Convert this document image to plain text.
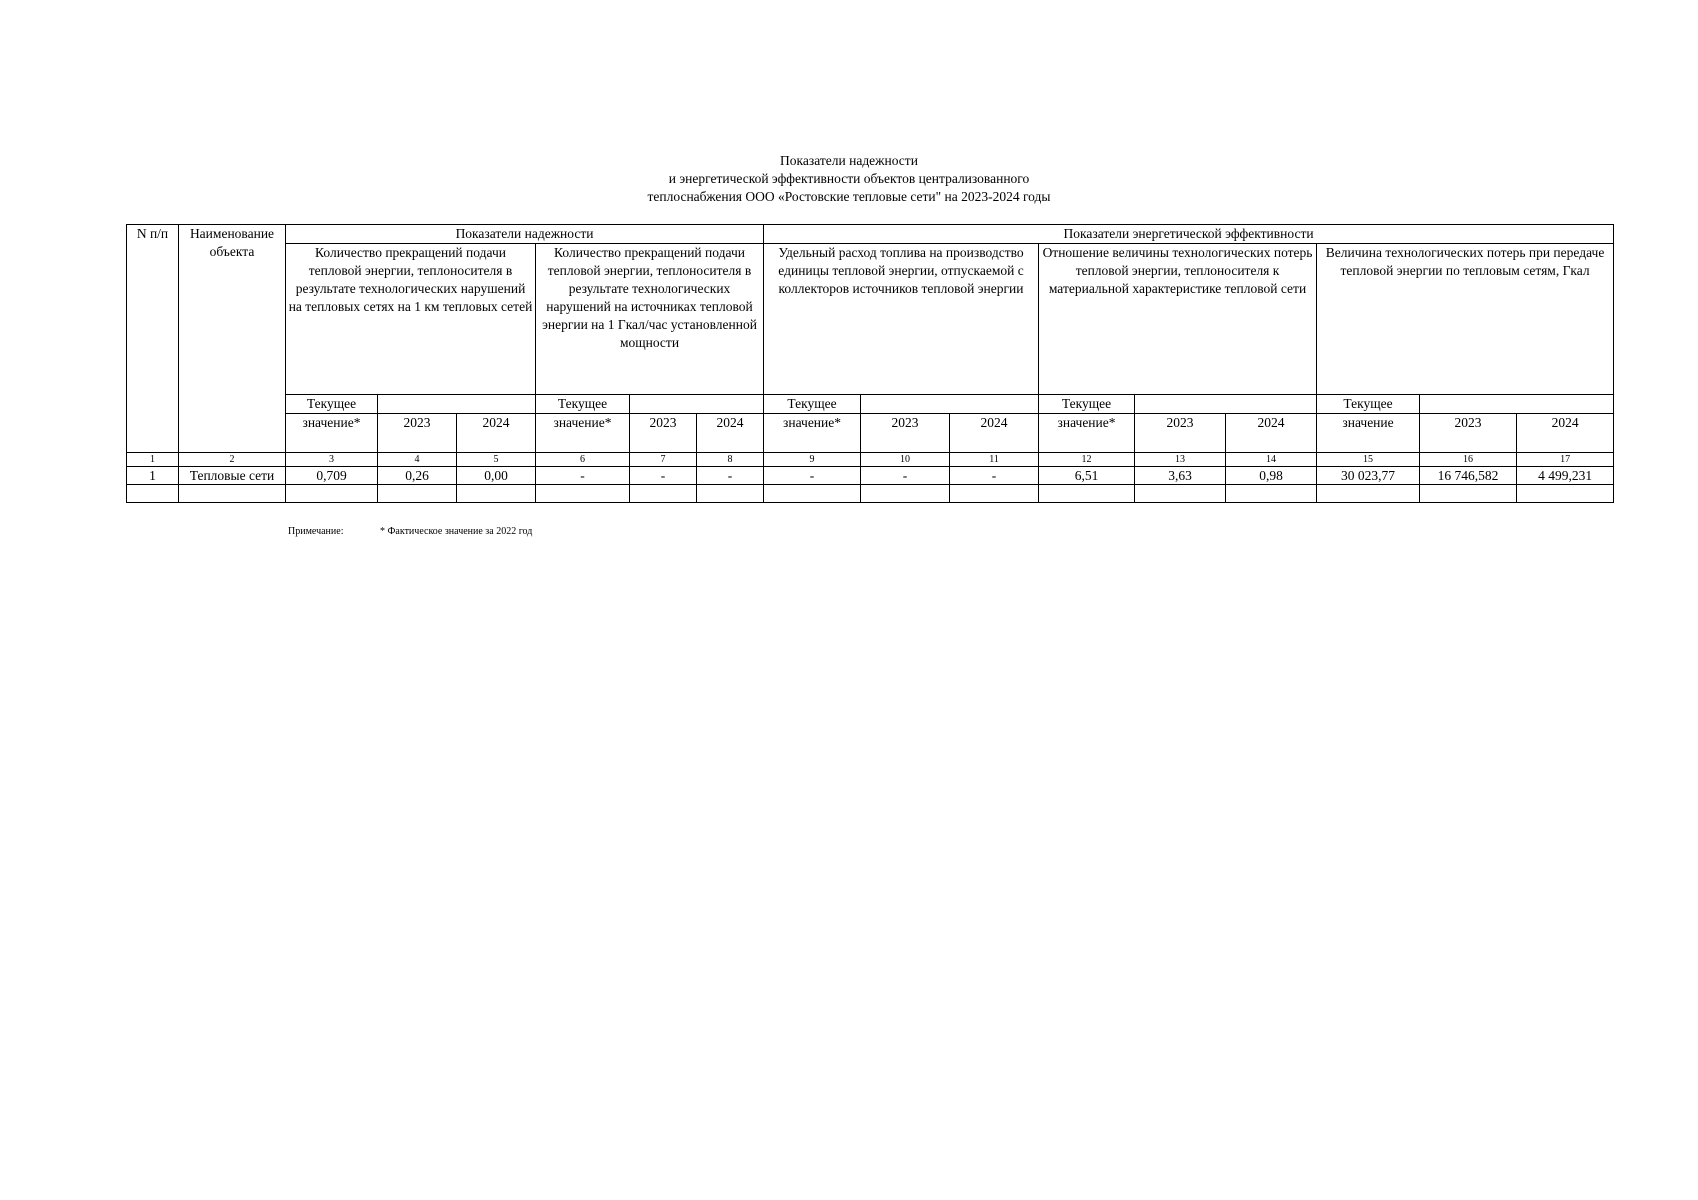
Показатели надежности
и энергетической эффективности объектов централизованного
теплоснабжения ООО «Ростовские тепловые сети" на 2023-2024 годы
N п/п	Наименование объекта	Показатели надежности						Показатели энергетической эффективности								
		Количество прекращений подачи тепловой энергии, теплоносителя в результате технологических нарушений на тепловых сетях на 1 км тепловых сетей			Количество прекращений подачи тепловой энергии, теплоносителя в результате технологических нарушений на источниках тепловой энергии на 1 Гкал/час установленной мощности			Удельный расход топлива на производство единицы тепловой энергии, отпускаемой с коллекторов источников тепловой энергии			Отношение величины технологических потерь тепловой энергии, теплоносителя к материальной характеристике тепловой сети			Величина технологических потерь при передаче тепловой энергии по тепловым сетям, Гкал		
		Текущее			Текущее			Текущее			Текущее			Текущее		
		значение*	2023	2024	значение*	2023	2024	значение*	2023	2024	значение*	2023	2024	значение	2023	2024
1	2	3	4	5	6	7	8	9	10	11	12	13	14	15	16	17
1	Тепловые сети	0,709	0,26	0,00	-	-	-	-	-	-	6,51	3,63	0,98	30 023,77	16 746,582	4 499,231

Примечание:	* Фактическое значение за 2022 год
